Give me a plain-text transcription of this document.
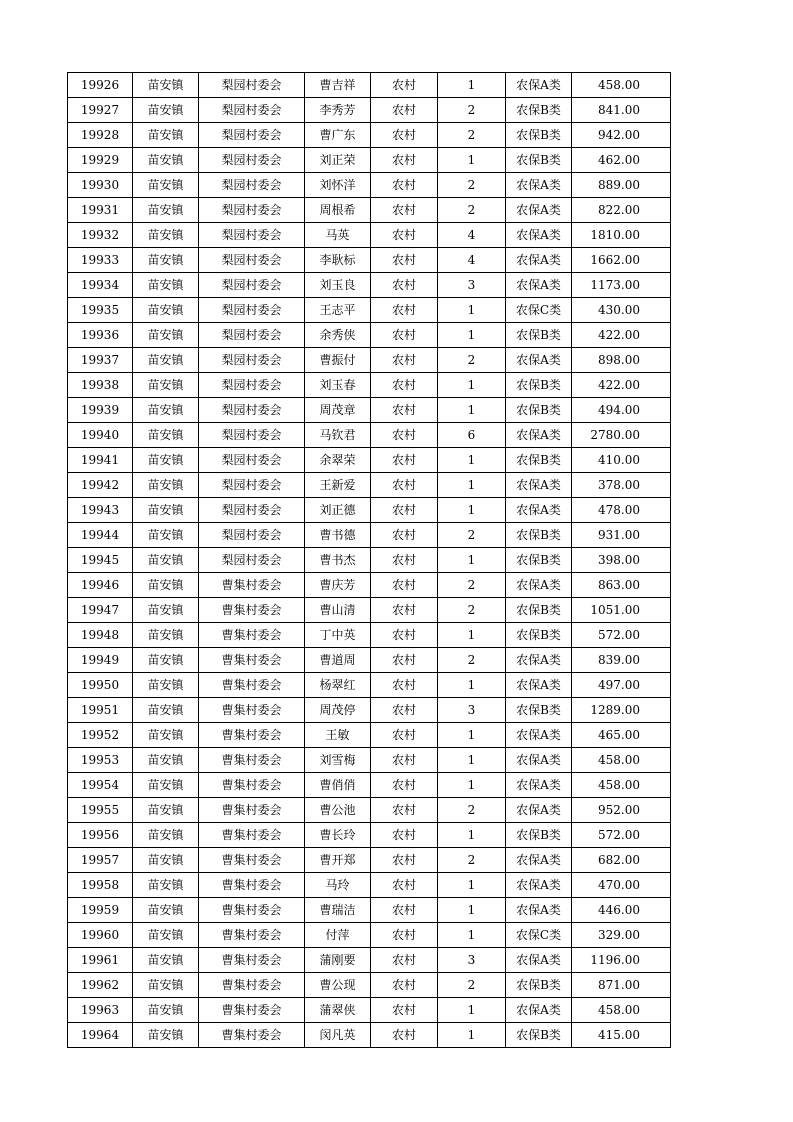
19926	苗安镇	梨园村委会	曹吉祥	农村	1	农保A类	458.00
19927	苗安镇	梨园村委会	李秀芳	农村	2	农保B类	841.00
19928	苗安镇	梨园村委会	曹广东	农村	2	农保B类	942.00
19929	苗安镇	梨园村委会	刘正荣	农村	1	农保B类	462.00
19930	苗安镇	梨园村委会	刘怀洋	农村	2	农保A类	889.00
19931	苗安镇	梨园村委会	周根希	农村	2	农保A类	822.00
19932	苗安镇	梨园村委会	马英	农村	4	农保A类	1810.00
19933	苗安镇	梨园村委会	李耿标	农村	4	农保A类	1662.00
19934	苗安镇	梨园村委会	刘玉良	农村	3	农保A类	1173.00
19935	苗安镇	梨园村委会	王志平	农村	1	农保C类	430.00
19936	苗安镇	梨园村委会	余秀侠	农村	1	农保B类	422.00
19937	苗安镇	梨园村委会	曹振付	农村	2	农保A类	898.00
19938	苗安镇	梨园村委会	刘玉春	农村	1	农保B类	422.00
19939	苗安镇	梨园村委会	周茂章	农村	1	农保B类	494.00
19940	苗安镇	梨园村委会	马钦君	农村	6	农保A类	2780.00
19941	苗安镇	梨园村委会	余翠荣	农村	1	农保B类	410.00
19942	苗安镇	梨园村委会	王新爱	农村	1	农保A类	378.00
19943	苗安镇	梨园村委会	刘正德	农村	1	农保A类	478.00
19944	苗安镇	梨园村委会	曹书德	农村	2	农保B类	931.00
19945	苗安镇	梨园村委会	曹书杰	农村	1	农保B类	398.00
19946	苗安镇	曹集村委会	曹庆芳	农村	2	农保A类	863.00
19947	苗安镇	曹集村委会	曹山清	农村	2	农保B类	1051.00
19948	苗安镇	曹集村委会	丁中英	农村	1	农保B类	572.00
19949	苗安镇	曹集村委会	曹道周	农村	2	农保A类	839.00
19950	苗安镇	曹集村委会	杨翠红	农村	1	农保A类	497.00
19951	苗安镇	曹集村委会	周茂停	农村	3	农保B类	1289.00
19952	苗安镇	曹集村委会	王敏	农村	1	农保A类	465.00
19953	苗安镇	曹集村委会	刘雪梅	农村	1	农保A类	458.00
19954	苗安镇	曹集村委会	曹俏俏	农村	1	农保A类	458.00
19955	苗安镇	曹集村委会	曹公池	农村	2	农保A类	952.00
19956	苗安镇	曹集村委会	曹长玲	农村	1	农保B类	572.00
19957	苗安镇	曹集村委会	曹开郑	农村	2	农保A类	682.00
19958	苗安镇	曹集村委会	马玲	农村	1	农保A类	470.00
19959	苗安镇	曹集村委会	曹瑞洁	农村	1	农保A类	446.00
19960	苗安镇	曹集村委会	付萍	农村	1	农保C类	329.00
19961	苗安镇	曹集村委会	蒲刚要	农村	3	农保A类	1196.00
19962	苗安镇	曹集村委会	曹公现	农村	2	农保B类	871.00
19963	苗安镇	曹集村委会	蒲翠侠	农村	1	农保A类	458.00
19964	苗安镇	曹集村委会	闵凡英	农村	1	农保B类	415.00
